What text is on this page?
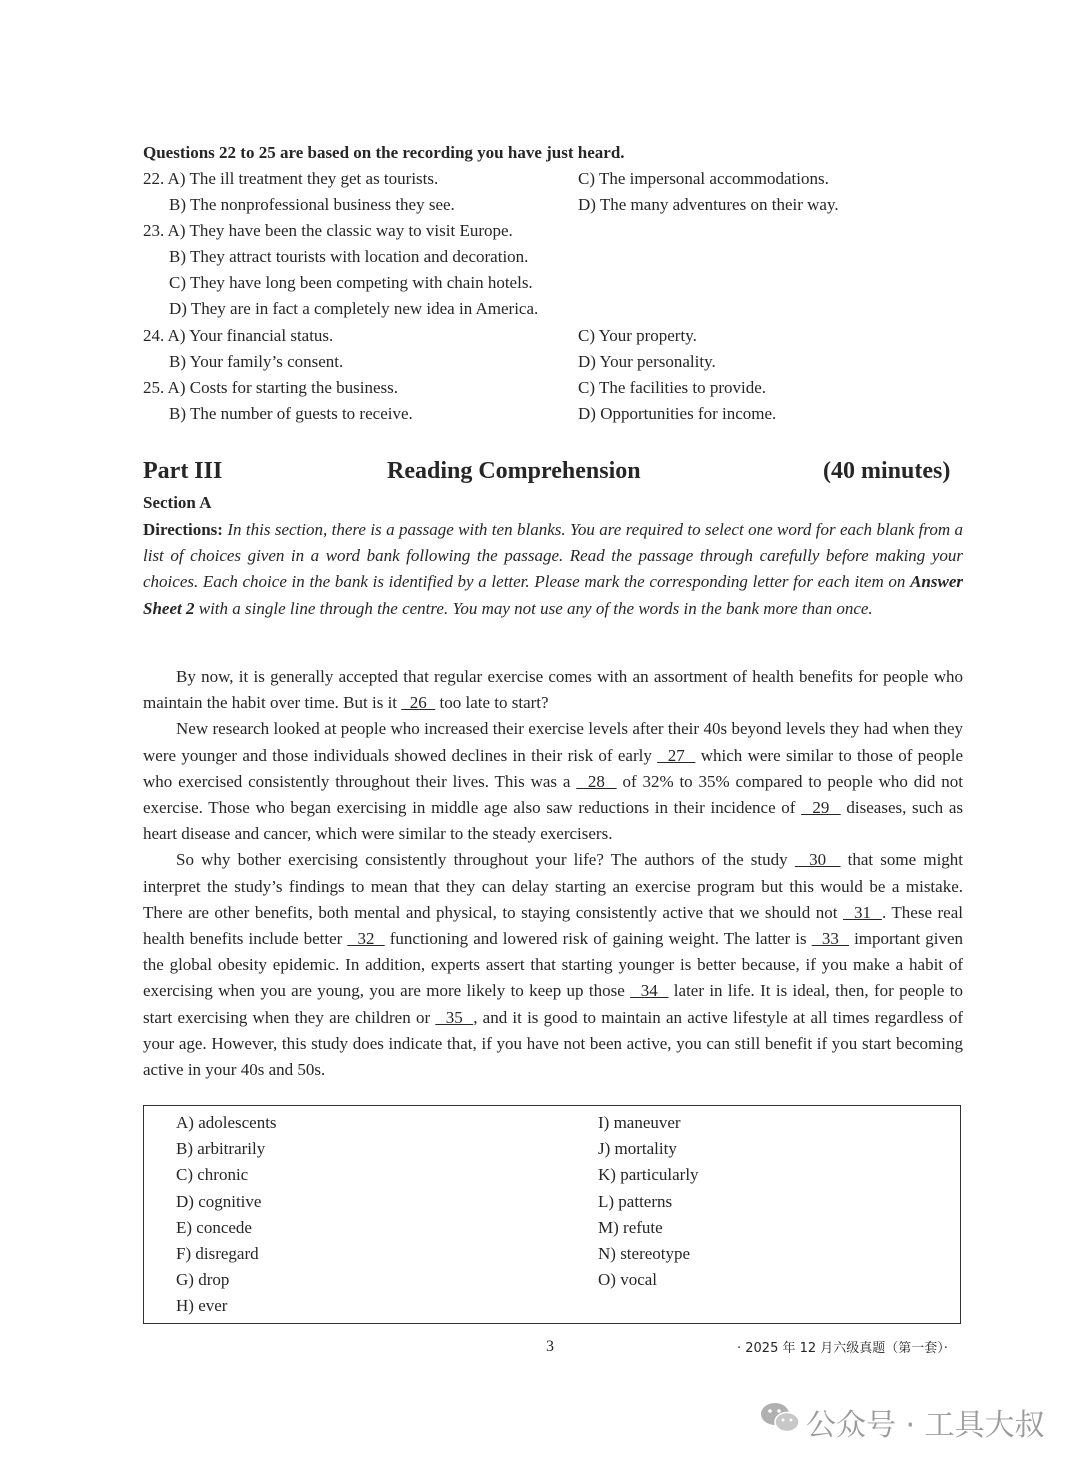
Questions 22 to 25 are based on the recording you have just heard.
22. A) The ill treatment they get as tourists.	C) The impersonal accommodations.
B) The nonprofessional business they see.	D) The many adventures on their way.
23. A) They have been the classic way to visit Europe.
B) They attract tourists with location and decoration.
C) They have long been competing with chain hotels.
D) They are in fact a completely new idea in America.
24. A) Your financial status.	C) Your property.
B) Your family’s consent.	D) Your personality.
25. A) Costs for starting the business.	C) The facilities to provide.
B) The number of guests to receive.	D) Opportunities for income.
Part III	Reading Comprehension	(40 minutes)
Section A
Directions: In this section, there is a passage with ten blanks. You are required to select one word for each blank from a list of choices given in a word bank following the passage. Read the passage through carefully before making your choices. Each choice in the bank is identified by a letter. Please mark the corresponding letter for each item on Answer Sheet 2 with a single line through the centre. You may not use any of the words in the bank more than once.

By now, it is generally accepted that regular exercise comes with an assortment of health benefits for people who maintain the habit over time. But is it   26   too late to start?

New research looked at people who increased their exercise levels after their 40s beyond levels they had when they were younger and those individuals showed declines in their risk of early   27   which were similar to those of people who exercised consistently throughout their lives. This was a   28   of 32% to 35% compared to people who did not exercise. Those who began exercising in middle age also saw reductions in their incidence of   29   diseases, such as heart disease and cancer, which were similar to the steady exercisers.

So why bother exercising consistently throughout your life? The authors of the study   30   that some might interpret the study’s findings to mean that they can delay starting an exercise program but this would be a mistake. There are other benefits, both mental and physical, to staying consistently active that we should not   31  . These real health benefits include better   32   functioning and lowered risk of gaining weight. The latter is   33   important given the global obesity epidemic. In addition, experts assert that starting younger is better because, if you make a habit of exercising when you are young, you are more likely to keep up those   34   later in life. It is ideal, then, for people to start exercising when they are children or   35  , and it is good to maintain an active lifestyle at all times regardless of your age. However, this study does indicate that, if you have not been active, you can still benefit if you start becoming active in your 40s and 50s.

A) adolescents
B) arbitrarily
C) chronic
D) cognitive
E) concede
F) disregard
G) drop
H) ever
I) maneuver
J) mortality
K) particularly
L) patterns
M) refute
N) stereotype
O) vocal
3	· 2025 年 12 月六级真题（第一套）·
公众号 · 工具大叔
